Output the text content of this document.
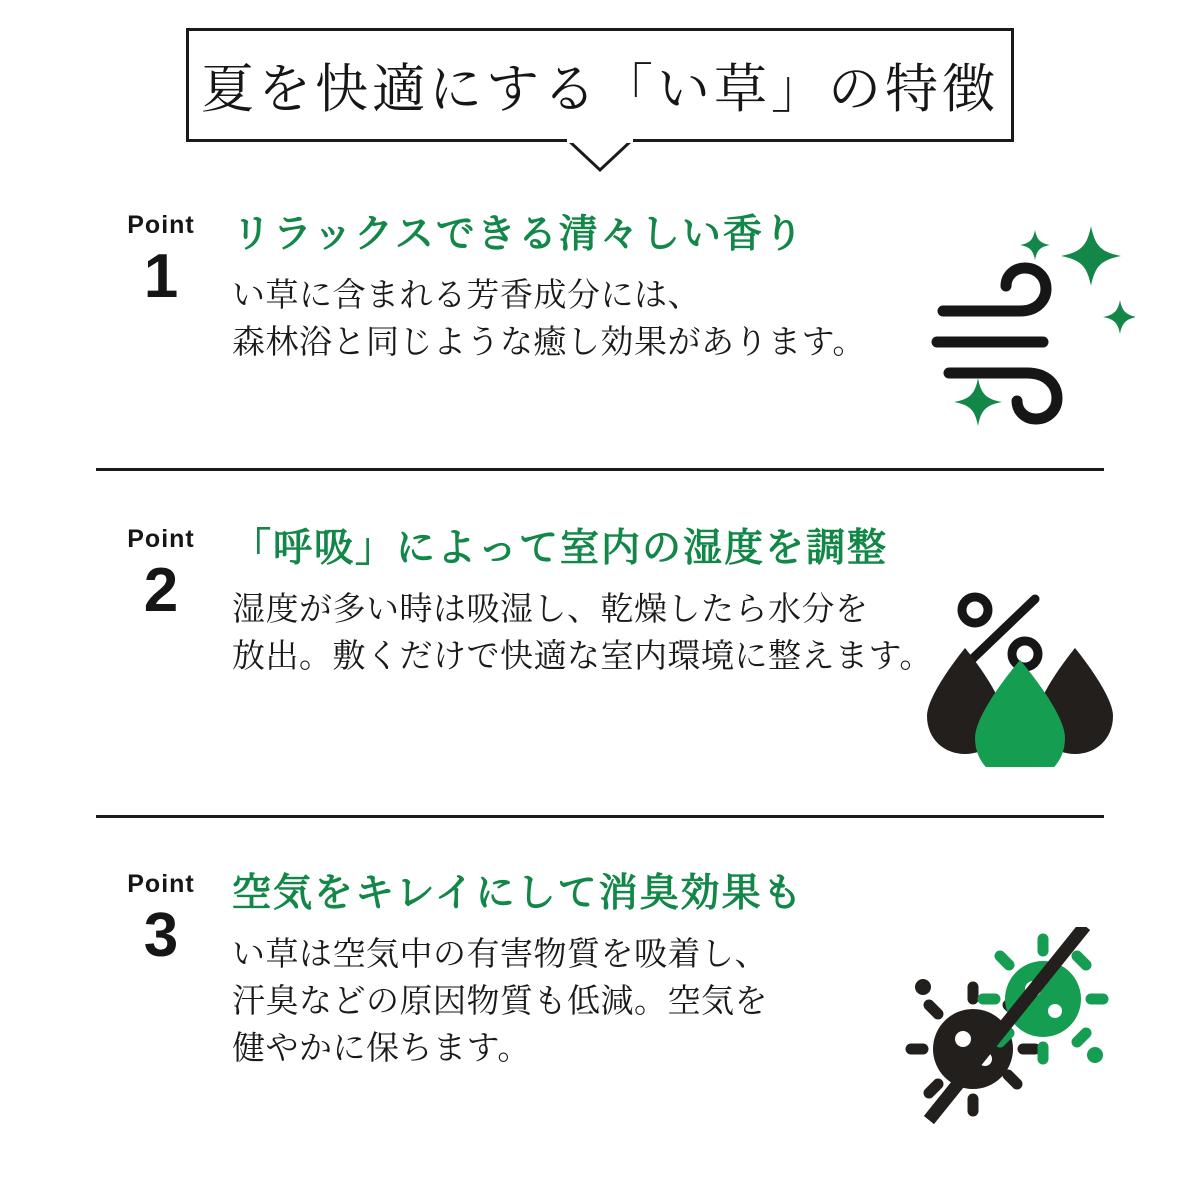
夏を快適にする「い草」の特徴
Point
1
リラックスできる清々しい香り
い草に含まれる芳香成分には、
森林浴と同じような癒し効果があります。
Point
2
「呼吸」によって室内の湿度を調整
湿度が多い時は吸湿し、乾燥したら水分を
放出。敷くだけで快適な室内環境に整えます。
Point
3
空気をキレイにして消臭効果も
い草は空気中の有害物質を吸着し、
汗臭などの原因物質も低減。空気を
健やかに保ちます。
